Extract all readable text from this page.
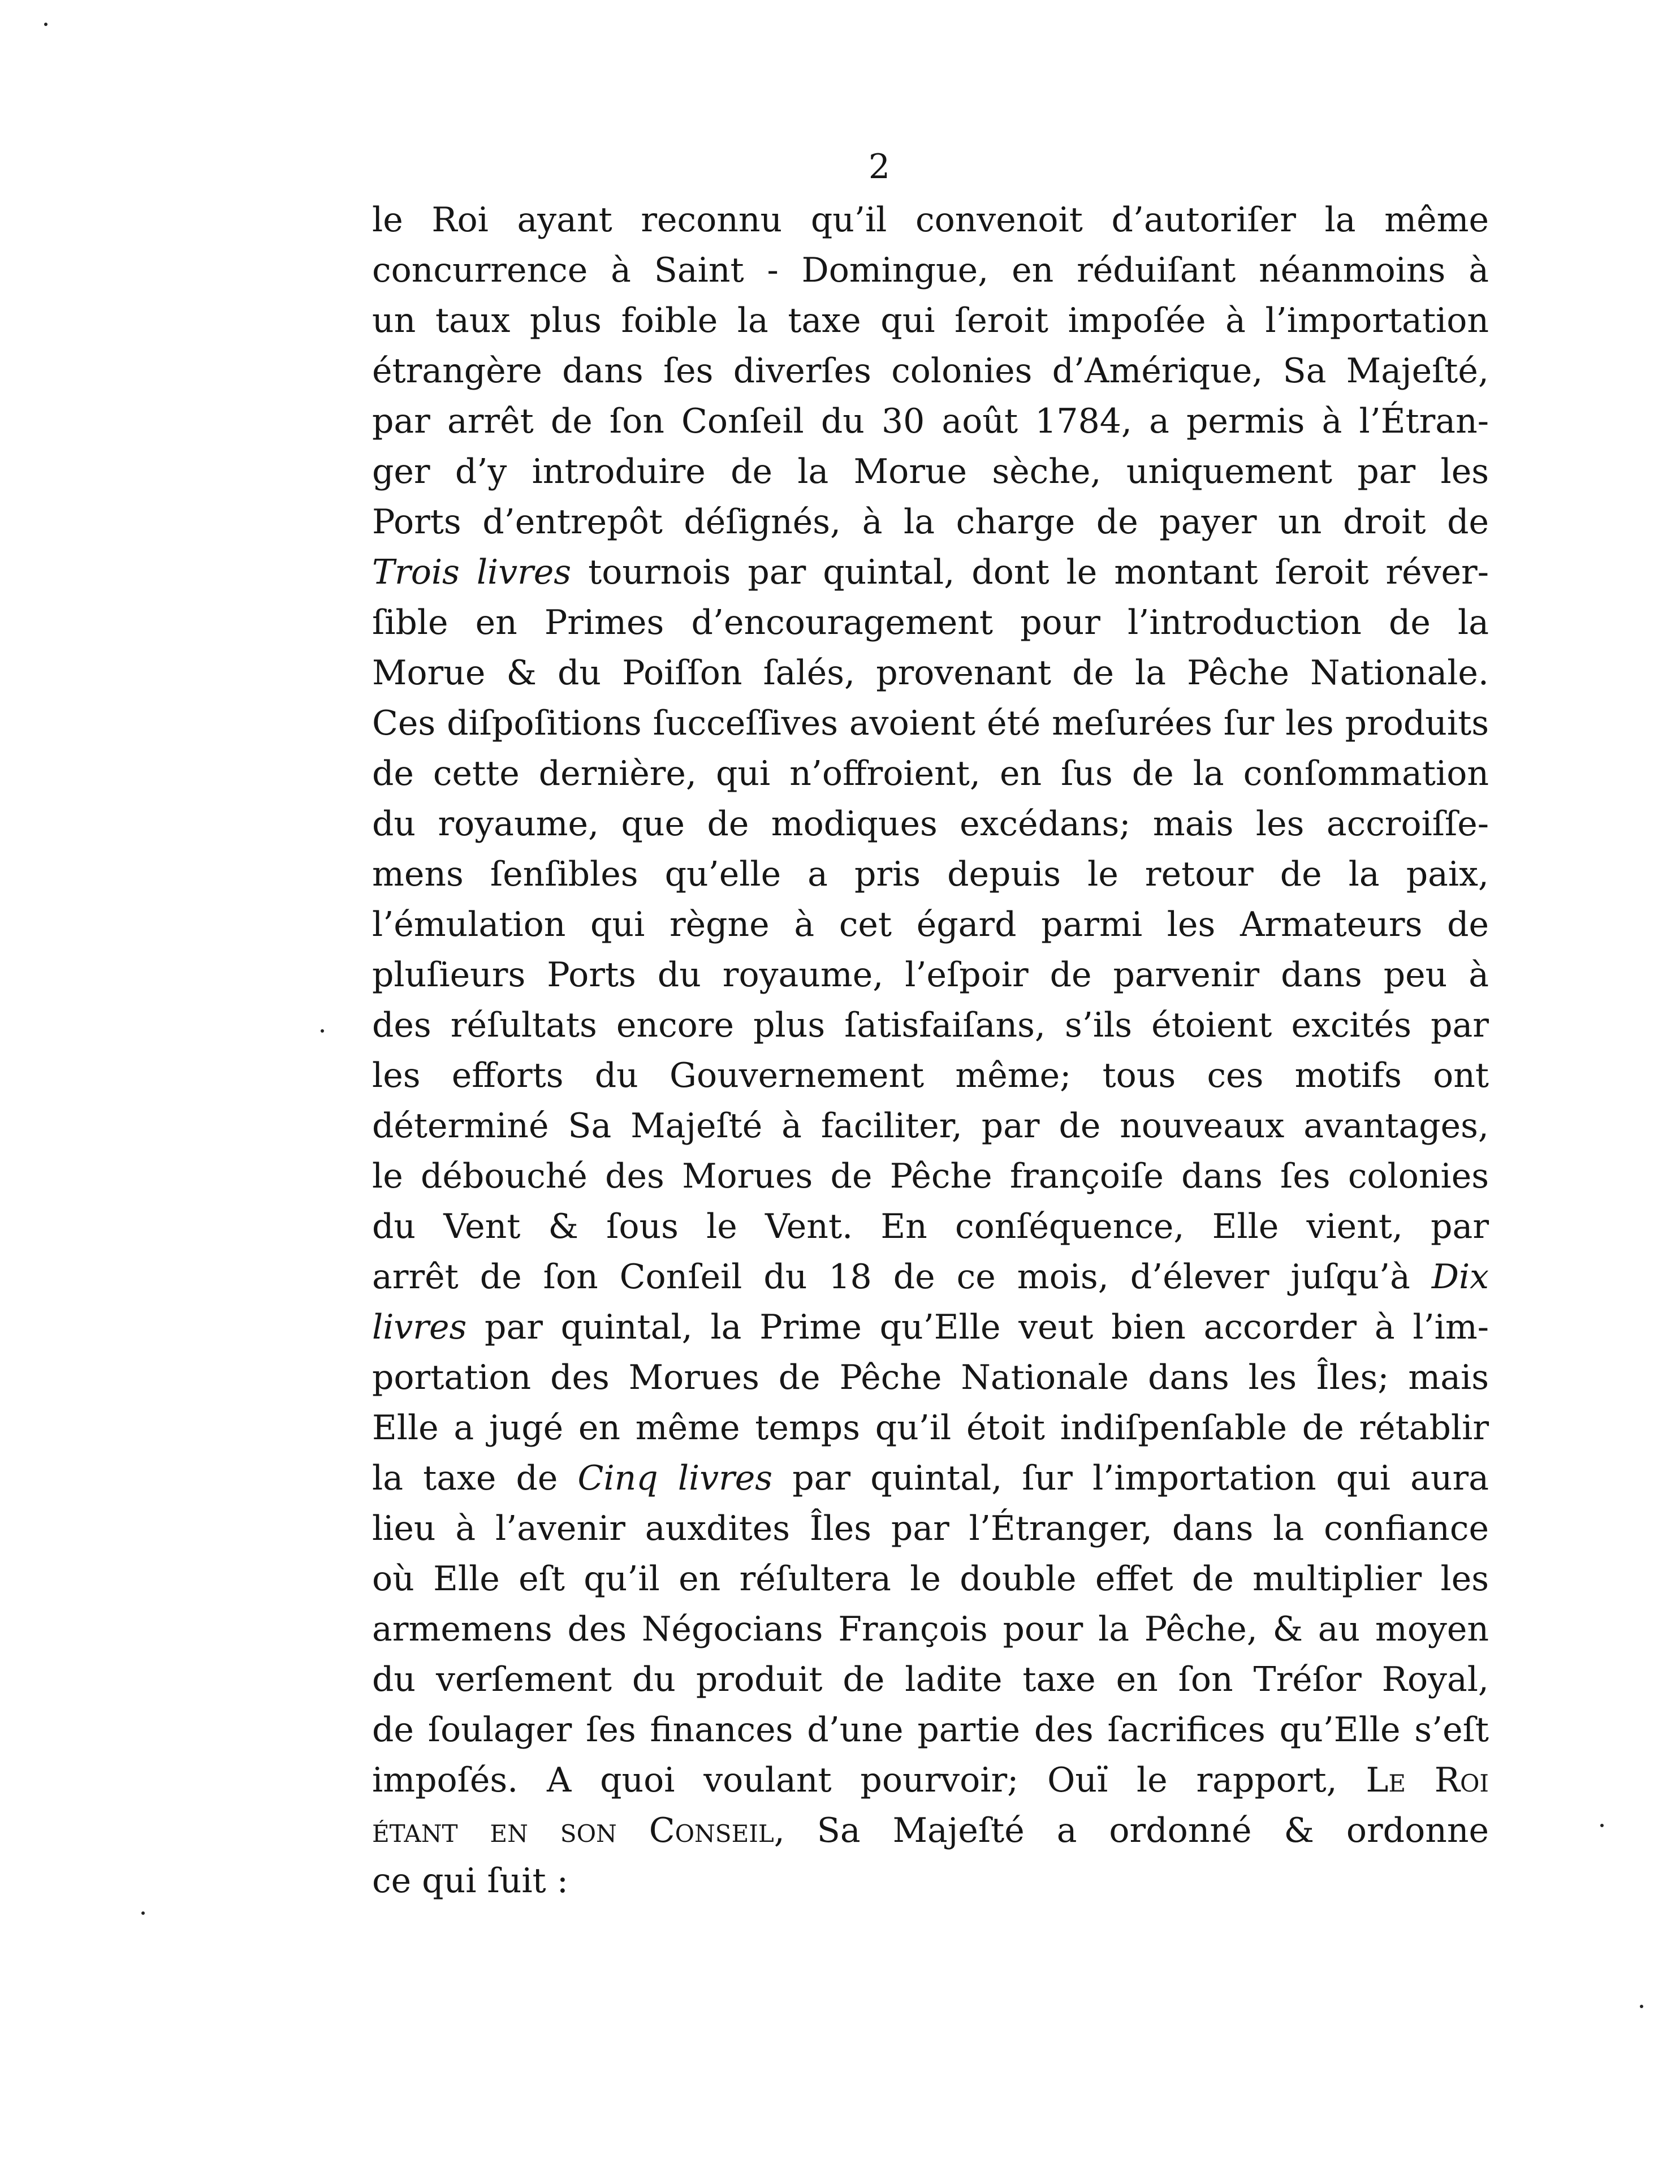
2
le Roi ayant reconnu qu’il convenoit d’autoriſer la même
concurrence à Saint - Domingue, en réduiſant néanmoins à
un taux plus foible la taxe qui ſeroit impoſée à l’importation
étrangère dans ſes diverſes colonies d’Amérique, Sa Majeſté,
par arrêt de ſon Conſeil du 30 août 1784, a permis à l’Étran-
ger d’y introduire de la Morue sèche, uniquement par les
Ports d’entrepôt déſignés, à la charge de payer un droit de
Trois livres tournois par quintal, dont le montant ſeroit réver-
ſible en Primes d’encouragement pour l’introduction de la
Morue & du Poiſſon ſalés, provenant de la Pêche Nationale.
Ces diſpoſitions ſucceſſives avoient été meſurées ſur les produits
de cette dernière, qui n’offroient, en ſus de la conſommation
du royaume, que de modiques excédans; mais les accroiſſe-
mens ſenſibles qu’elle a pris depuis le retour de la paix,
l’émulation qui règne à cet égard parmi les Armateurs de
pluſieurs Ports du royaume, l’eſpoir de parvenir dans peu à
des réſultats encore plus ſatisfaiſans, s’ils étoient excités par
les efforts du Gouvernement même; tous ces motifs ont
déterminé Sa Majeſté à faciliter, par de nouveaux avantages,
le débouché des Morues de Pêche françoiſe dans ſes colonies
du Vent & ſous le Vent. En conſéquence, Elle vient, par
arrêt de ſon Conſeil du 18 de ce mois, d’élever juſqu’à Dix
livres par quintal, la Prime qu’Elle veut bien accorder à l’im-
portation des Morues de Pêche Nationale dans les Îles; mais
Elle a jugé en même temps qu’il étoit indiſpenſable de rétablir
la taxe de Cinq livres par quintal, ſur l’importation qui aura
lieu à l’avenir auxdites Îles par l’Étranger, dans la confiance
où Elle eſt qu’il en réſultera le double effet de multiplier les
armemens des Négocians François pour la Pêche, & au moyen
du verſement du produit de ladite taxe en ſon Tréſor Royal,
de ſoulager ſes finances d’une partie des ſacrifices qu’Elle s’eſt
impoſés. A quoi voulant pourvoir; Ouï le rapport, Le Roi
étant en son Conseil, Sa Majeſté a ordonné & ordonne
ce qui ſuit :
